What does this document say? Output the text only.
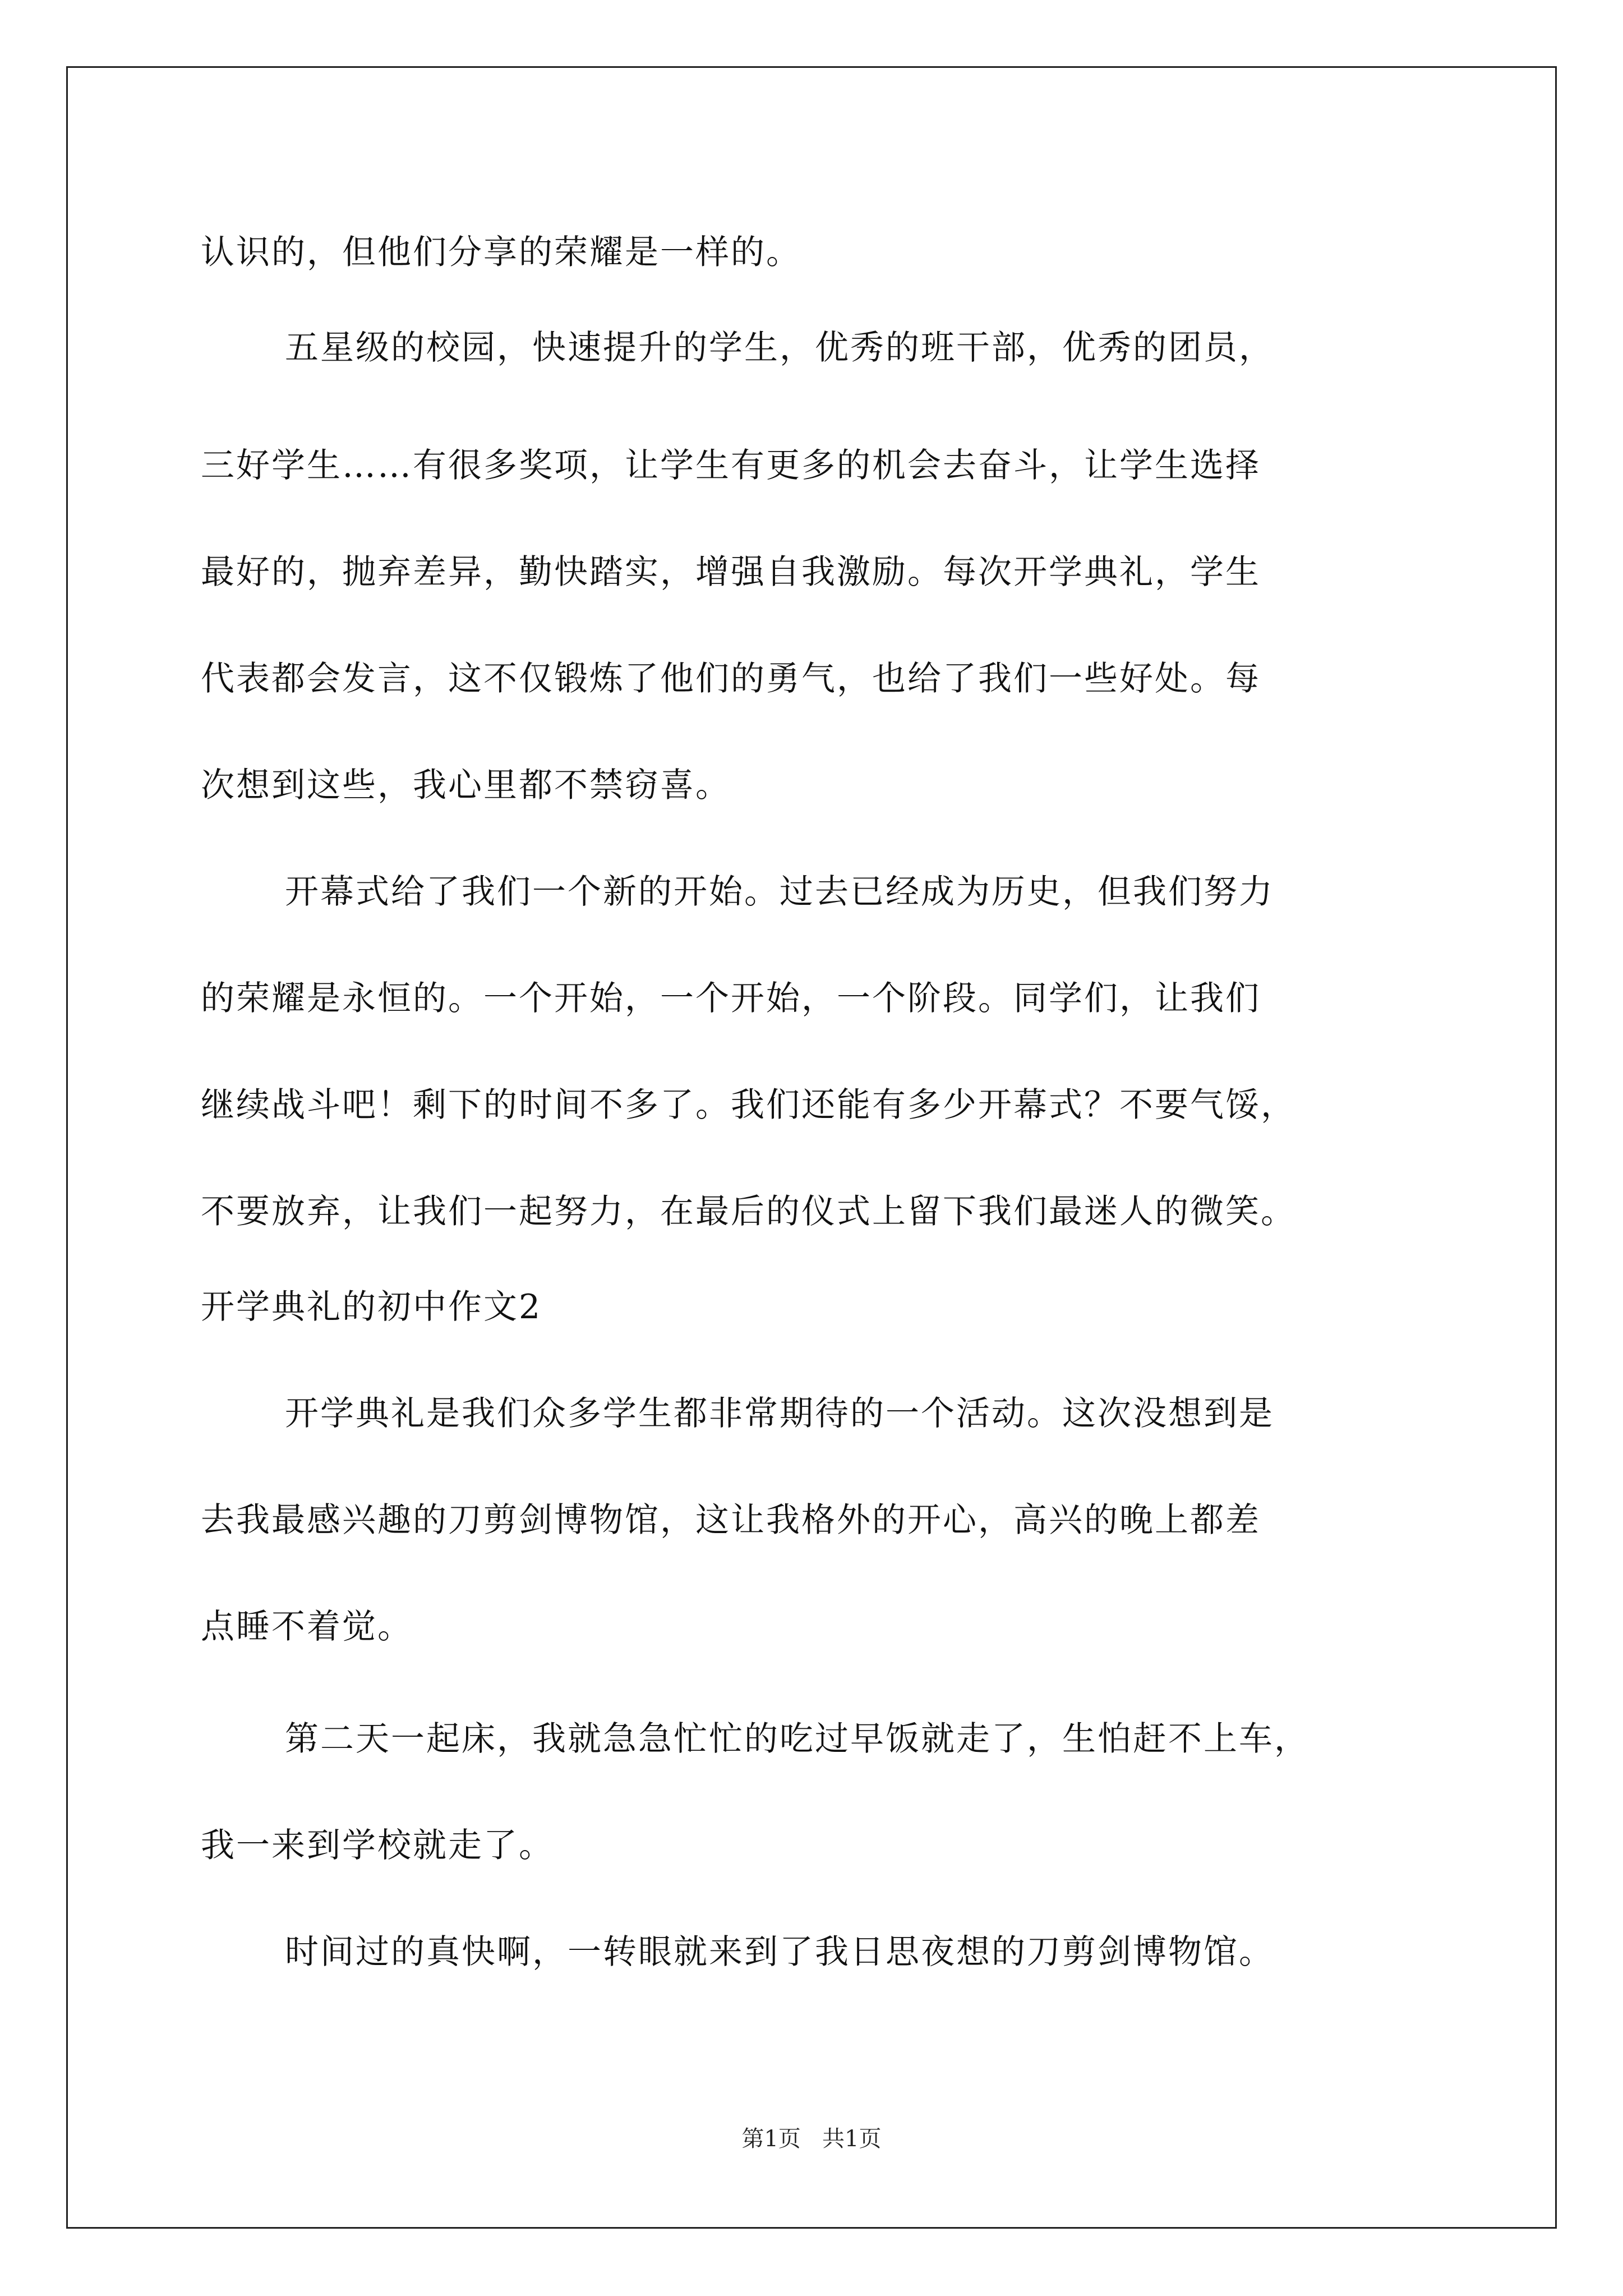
认识的，但他们分享的荣耀是一样的。
五星级的校园，快速提升的学生，优秀的班干部，优秀的团员，
三好学生……有很多奖项，让学生有更多的机会去奋斗，让学生选择
最好的，抛弃差异，勤快踏实，增强自我激励。每次开学典礼，学生
代表都会发言，这不仅锻炼了他们的勇气，也给了我们一些好处。每
次想到这些，我心里都不禁窃喜。
开幕式给了我们一个新的开始。过去已经成为历史，但我们努力
的荣耀是永恒的。一个开始，一个开始，一个阶段。同学们，让我们
继续战斗吧！剩下的时间不多了。我们还能有多少开幕式？不要气馁，
不要放弃，让我们一起努力，在最后的仪式上留下我们最迷人的微笑。
开学典礼的初中作文2
开学典礼是我们众多学生都非常期待的一个活动。这次没想到是
去我最感兴趣的刀剪剑博物馆，这让我格外的开心，高兴的晚上都差
点睡不着觉。
第二天一起床，我就急急忙忙的吃过早饭就走了，生怕赶不上车，
我一来到学校就走了。
时间过的真快啊，一转眼就来到了我日思夜想的刀剪剑博物馆。
第1页   共1页
